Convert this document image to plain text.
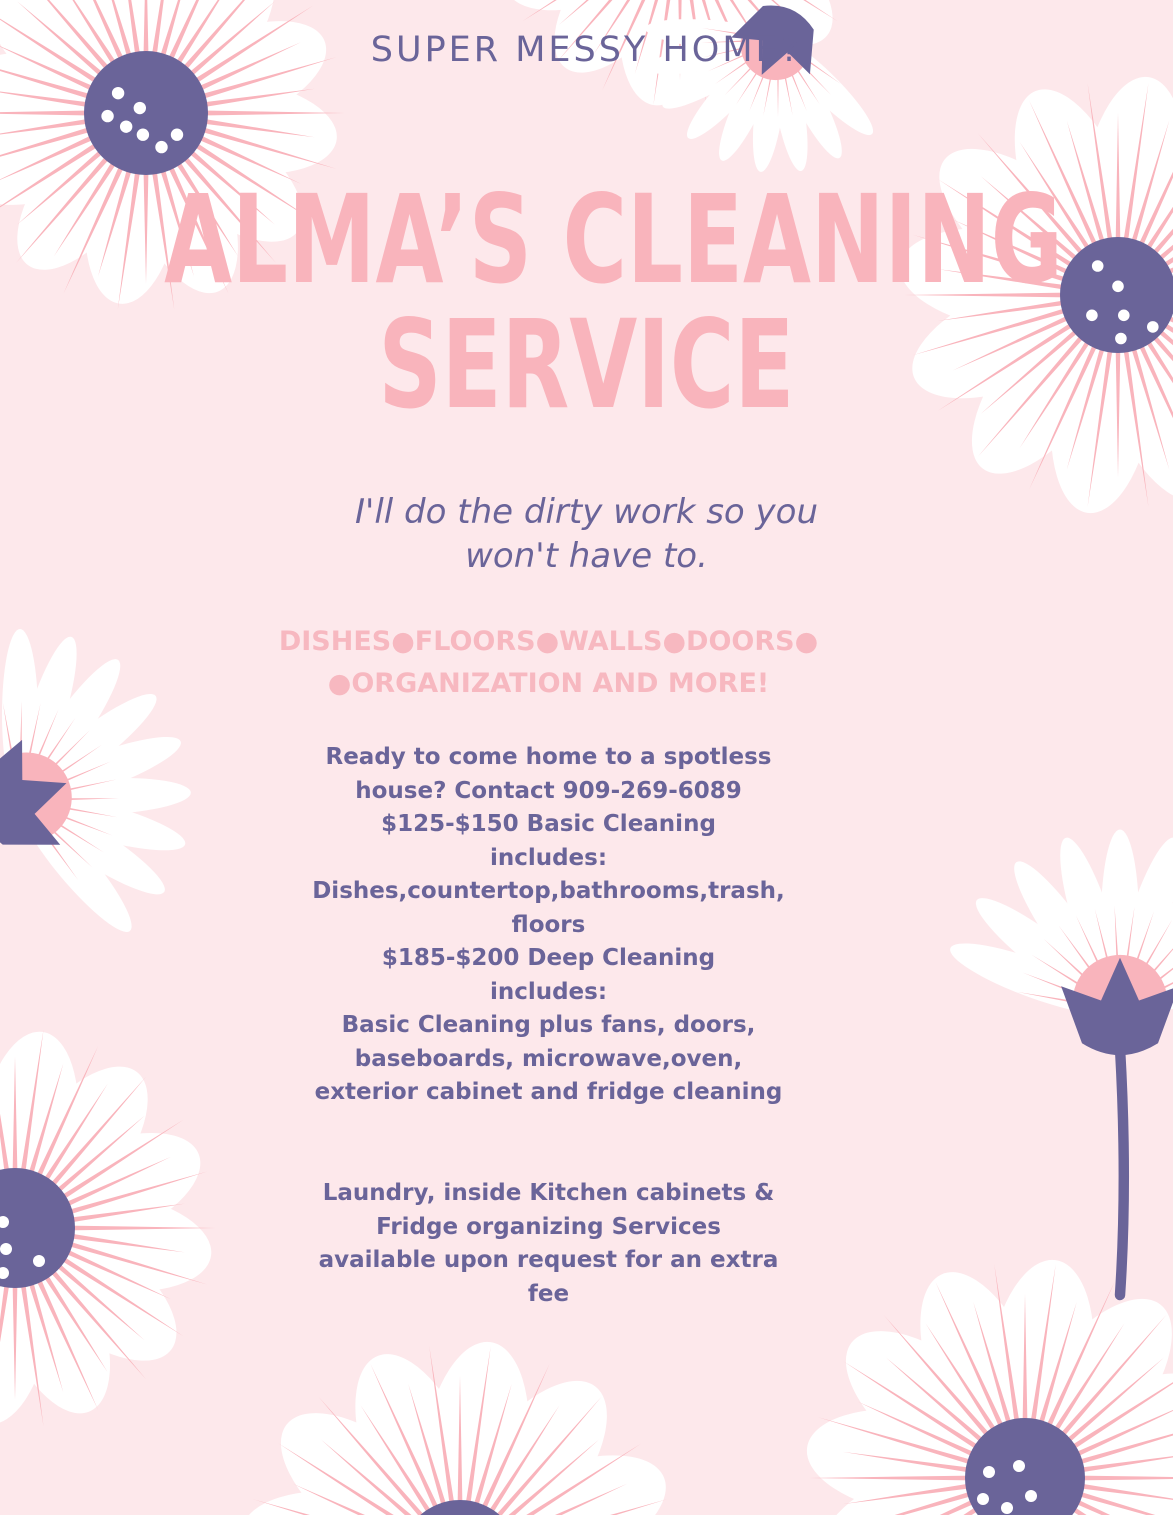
SUPER MESSY HOME?
ALMA’S CLEANING
SERVICE
I'll do the dirty work so you
won't have to.
DISHES●FLOORS●WALLS●DOORS●
●ORGANIZATION AND MORE!
Ready to come home to a spotless
house? Contact 909-269-6089
$125-$150 Basic Cleaning
includes:
Dishes,countertop,bathrooms,trash,
floors
$185-$200 Deep Cleaning
includes:
Basic Cleaning plus fans, doors,
baseboards, microwave,oven,
exterior cabinet and fridge cleaning
Laundry, inside Kitchen cabinets &
Fridge organizing Services
available upon request for an extra
fee
